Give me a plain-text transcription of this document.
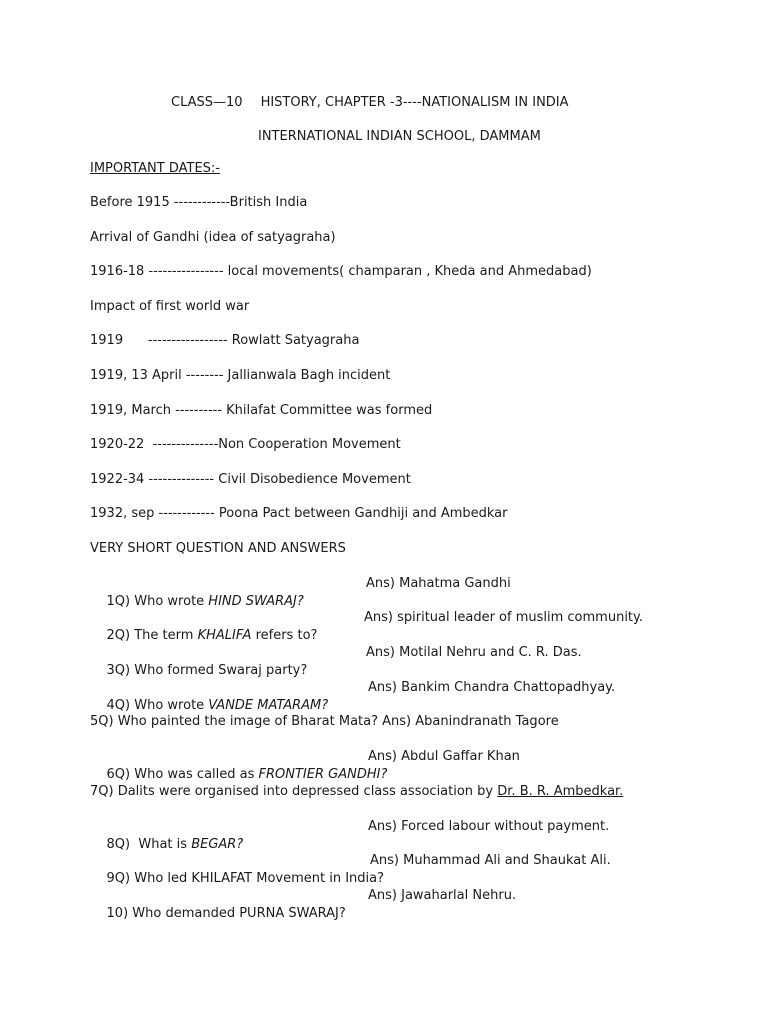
CLASS—10 HISTORY, CHAPTER -3----NATIONALISM IN INDIA
INTERNATIONAL INDIAN SCHOOL, DAMMAM
IMPORTANT DATES:-
Before 1915 ------------British India
Arrival of Gandhi (idea of satyagraha)
1916-18 ---------------- local movements( champaran , Kheda and Ahmedabad)
Impact of first world war
1919      ----------------- Rowlatt Satyagraha
1919, 13 April -------- Jallianwala Bagh incident
1919, March ---------- Khilafat Committee was formed
1920-22  --------------Non Cooperation Movement
1922-34 -------------- Civil Disobedience Movement
1932, sep ------------ Poona Pact between Gandhiji and Ambedkar
VERY SHORT QUESTION AND ANSWERS

1Q) Who wrote HIND SWARAJ?

Ans) Mahatma Gandhi

2Q) The term KHALIFA refers to?

Ans) spiritual leader of muslim community.

3Q) Who formed Swaraj party?

Ans) Motilal Nehru and C. R. Das.

4Q) Who wrote VANDE MATARAM?

Ans) Bankim Chandra Chattopadhyay.

5Q) Who painted the image of Bharat Mata? Ans) Abanindranath Tagore

6Q) Who was called as FRONTIER GANDHI?

Ans) Abdul Gaffar Khan

7Q) Dalits were organised into depressed class association by Dr. B. R. Ambedkar.

8Q)  What is BEGAR?

Ans) Forced labour without payment.

9Q) Who led KHILAFAT Movement in India?

Ans) Muhammad Ali and Shaukat Ali.

10) Who demanded PURNA SWARAJ?

Ans) Jawaharlal Nehru.
